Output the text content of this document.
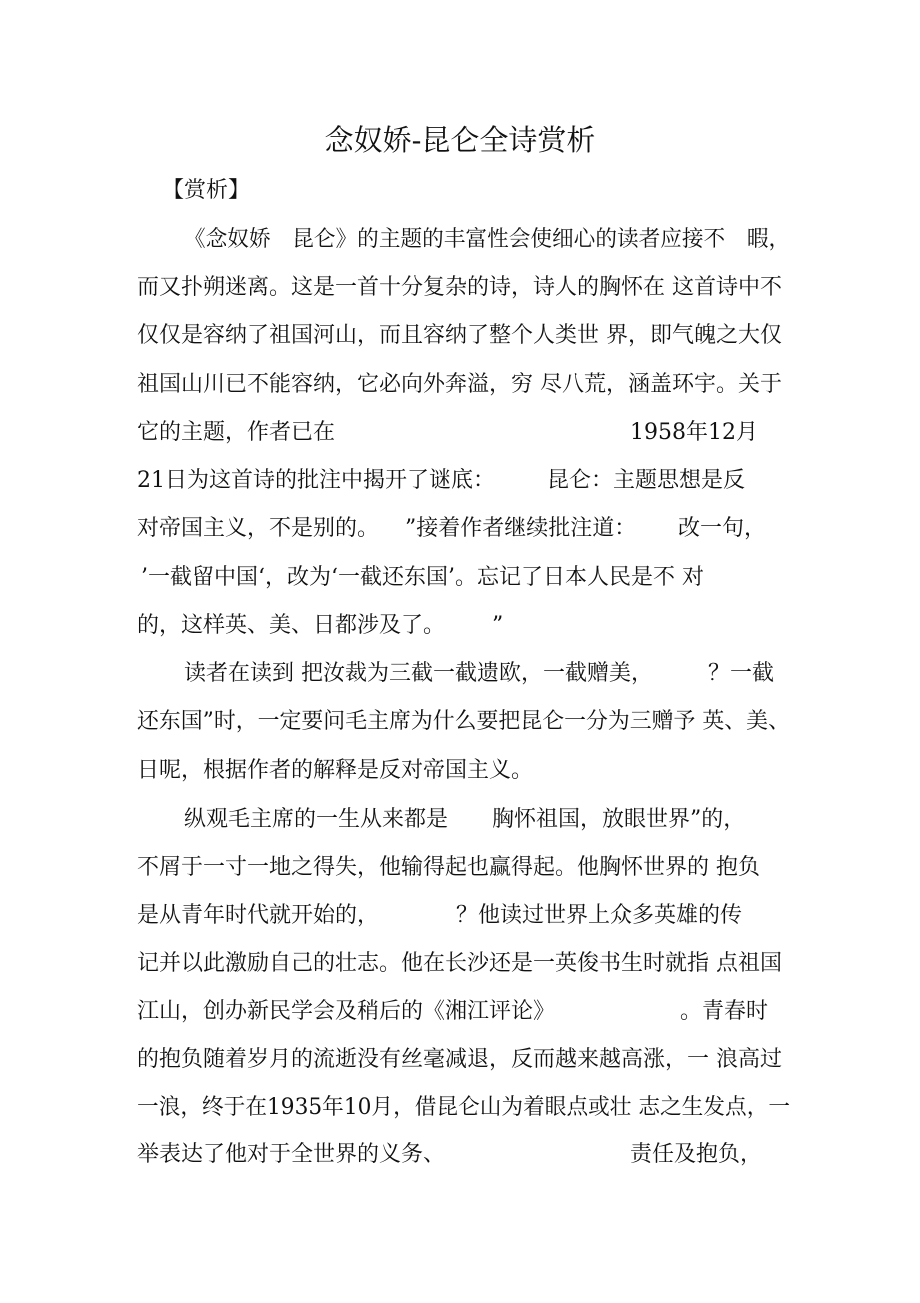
念奴娇-昆仑全诗赏析

【赏析】

《念奴娇　昆仑》的主题的丰富性会使细心的读者应接不　暇，

而又扑朔迷离。这是一首十分复杂的诗，诗人的胸怀在 这首诗中不

仅仅是容纳了祖国河山，而且容纳了整个人类世 界，即气魄之大仅

祖国山川已不能容纳，它必向外奔溢，穷 尽八荒，涵盖环宇。关于

它的主题，作者已在

	1958年12月

21日为这首诗的批注中揭开了谜底：

昆仑：主题思想是反

对帝国主义，不是别的。

”接着作者继续批注道：

改一句，

’一截留中国‘，改为‘一截还东国’。忘记了日本人民是不 对

的，这样英、美、日都涉及了。

”

读者在读到 把汝裁为三截一截遗欧，一截赠美，

	？一截

还东国”时，一定要问毛主席为什么要把昆仑一分为三赠予 英、美、

日呢，根据作者的解释是反对帝国主义。

纵观毛主席的一生从来都是

胸怀祖国，放眼世界”的，

不屑于一寸一地之得失，他输得起也赢得起。他胸怀世界的 抱负

是从青年时代就开始的，

	？他读过世界上众多英雄的传

记并以此激励自己的壮志。他在长沙还是一英俊书生时就指 点祖国

江山，创办新民学会及稍后的《湘江评论》

	。青春时

的抱负随着岁月的流逝没有丝毫减退，反而越来越高涨，一 浪高过

一浪，终于在1935年10月，借昆仑山为着眼点或壮 志之生发点，一

举表达了他对于全世界的义务、

	责任及抱负，
